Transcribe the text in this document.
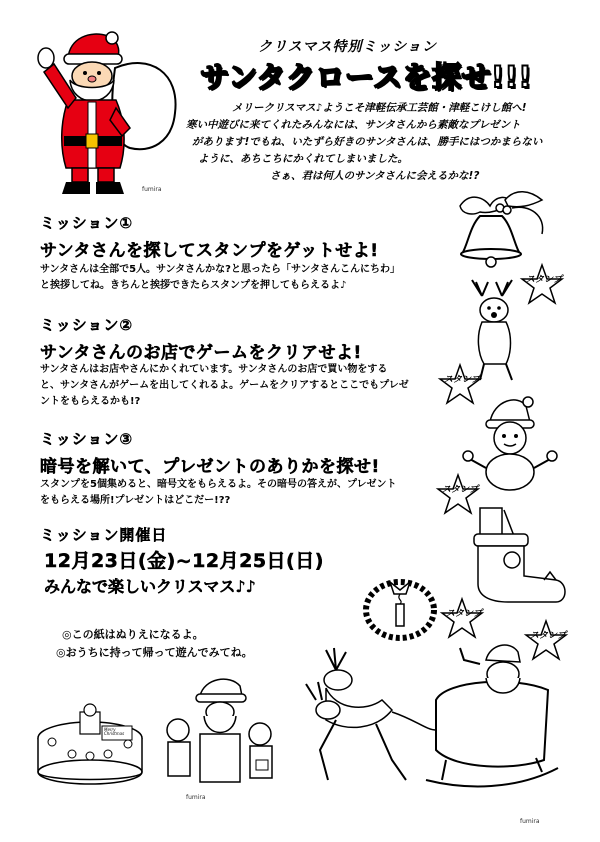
クリスマス特別ミッション
サンタクロースを探せ!!!
メリークリスマス♪ようこそ津軽伝承工芸館・津軽こけし館へ!
寒い中遊びに来てくれたみんなには、サンタさんから素敵なプレゼント
があります!でもね、いたずら好きのサンタさんは、勝手にはつかまらない
ように、あちこちにかくれてしまいました。
さぁ、君は何人のサンタさんに会えるかな!?
ミッション①
サンタさんを探してスタンプをゲットせよ!
サンタさんは全部で5人。サンタさんかな?と思ったら「サンタさんこんにちわ」
と挨拶してね。きちんと挨拶できたらスタンプを押してもらえるよ♪
ミッション②
サンタさんのお店でゲームをクリアせよ!
サンタさんはお店やさんにかくれています。サンタさんのお店で買い物をする
と、サンタさんがゲームを出してくれるよ。ゲームをクリアするとここでもプレゼ
ントをもらえるかも!?
ミッション③
暗号を解いて、プレゼントのありかを探せ!
スタンプを5個集めると、暗号文をもらえるよ。その暗号の答えが、プレゼント
をもらえる場所!プレゼントはどこだー!??
ミッション開催日
12月23日(金)~12月25日(日)
みんなで楽しいクリスマス♪♪
◎この紙はぬりえになるよ。
◎おうちに持って帰って遊んでみてね。
スタンプ
スタンプ
スタンプ
スタンプ
スタンプ
Merry Christmas
fumira
fumira
fumira
